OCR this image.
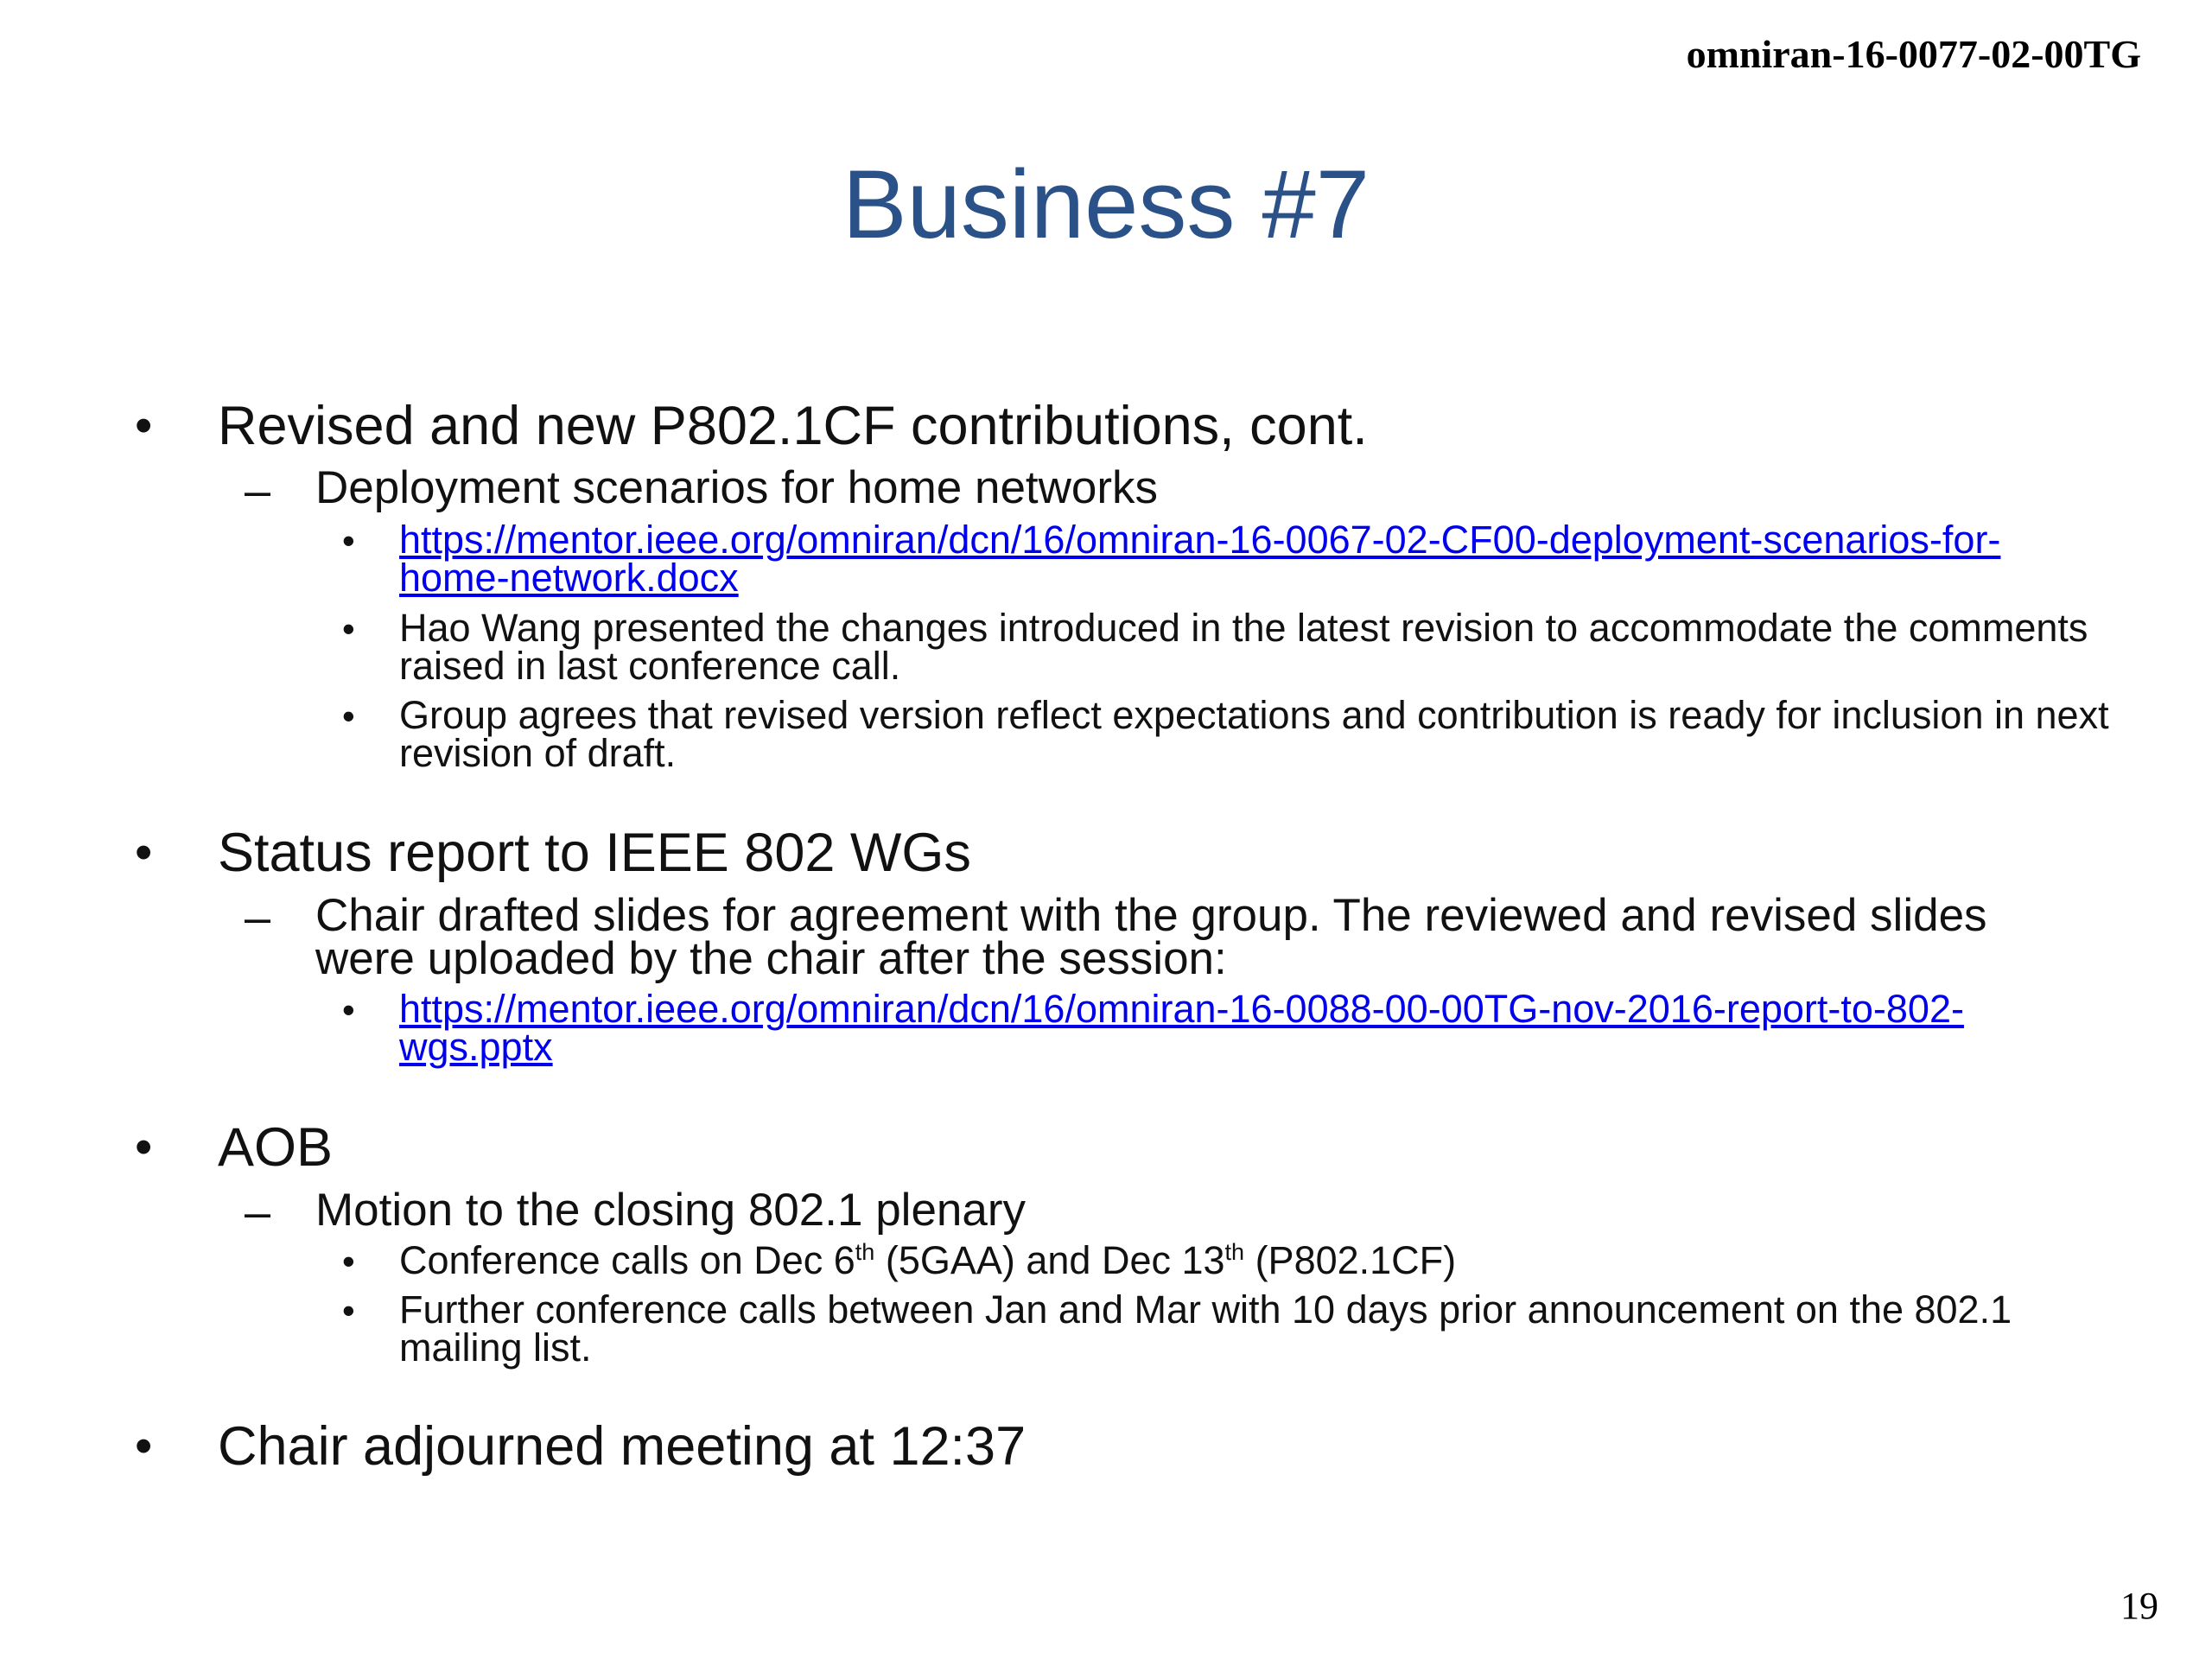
omniran-16-0077-02-00TG
Business #7
• Revised and new P802.1CF contributions, cont.
– Deployment scenarios for home networks
• https://mentor.ieee.org/omniran/dcn/16/omniran-16-0067-02-CF00-deployment-scenarios-for-
home-network.docx
• Hao Wang presented the changes introduced in the latest revision to accommodate the comments raised in last conference call.
• Group agrees that revised version reflect expectations and contribution is ready for inclusion in next revision of draft.
• Status report to IEEE 802 WGs
– Chair drafted slides for agreement with the group. The reviewed and revised slides were uploaded by the chair after the session:
• https://mentor.ieee.org/omniran/dcn/16/omniran-16-0088-00-00TG-nov-2016-report-to-802-
wgs.pptx
• AOB
– Motion to the closing 802.1 plenary
• Conference calls on Dec 6th (5GAA) and Dec 13th (P802.1CF)
• Further conference calls between Jan and Mar with 10 days prior announcement on the 802.1 mailing list.
• Chair adjourned meeting at 12:37
19
